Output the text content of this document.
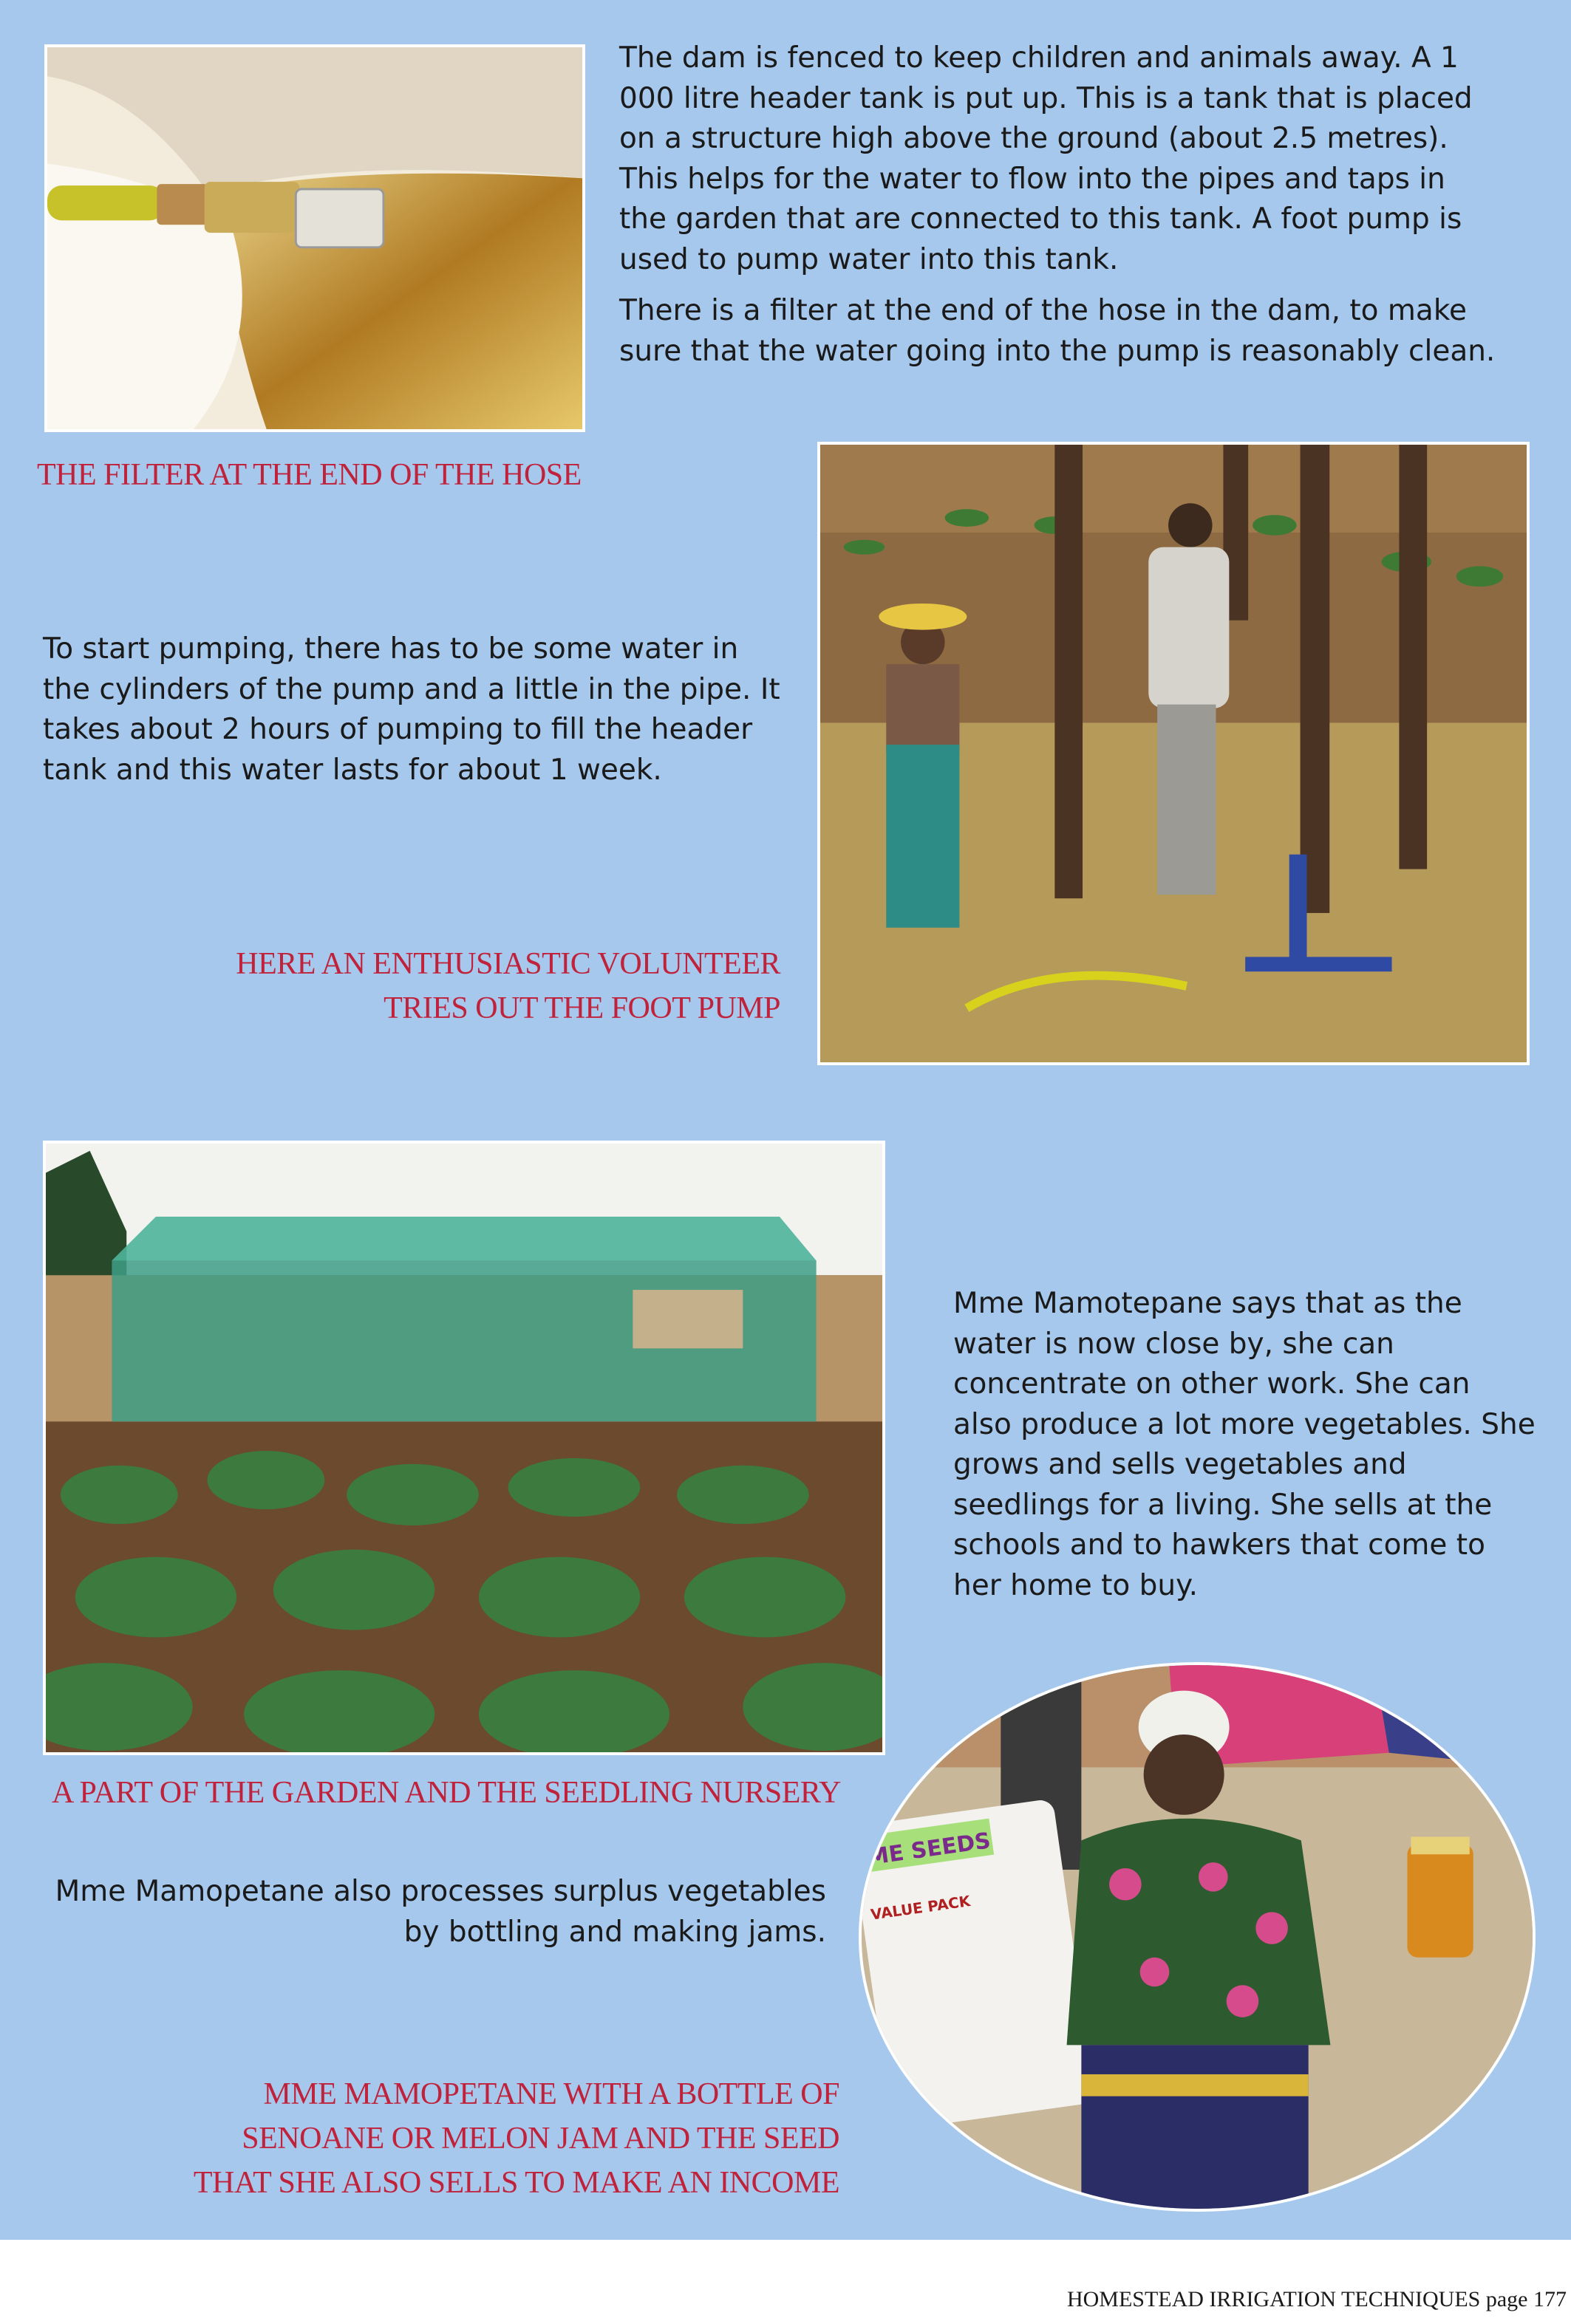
The dam is fenced to keep children and animals away. A 1 000 litre header tank is put up. This is a tank that is placed on a structure high above the ground (about 2.5 metres). This helps for the water to flow into the pipes and taps in the garden that are connected to this tank. A foot pump is used to pump water into this tank.

There is a filter at the end of the hose in the dam, to make sure that the water going into the pump is reasonably clean.

THE FILTER AT THE END OF THE HOSE

To start pumping, there has to be some water in the cylinders of the pump and a little in the pipe. It takes about 2 hours of pumping to fill the header tank and this water lasts for about 1 week.

HERE AN ENTHUSIASTIC VOLUNTEER

TRIES OUT THE FOOT PUMP

Mme Mamotepane says that as the water is now close by, she can concentrate on other work. She can also produce a lot more vegetables. She grows and sells vegetables and seedlings for a living. She sells at the schools and to hawkers that come to her home to buy.

A PART OF THE GARDEN AND THE SEEDLING NURSERY

Mme Mamopetane also processes surplus vegetables by bottling and making jams.

ME SEEDS
VALUE PACK

MME MAMOPETANE WITH A BOTTLE OF

SENOANE OR MELON JAM AND THE SEED

THAT SHE ALSO SELLS TO MAKE AN INCOME

HOMESTEAD IRRIGATION TECHNIQUES page 177
